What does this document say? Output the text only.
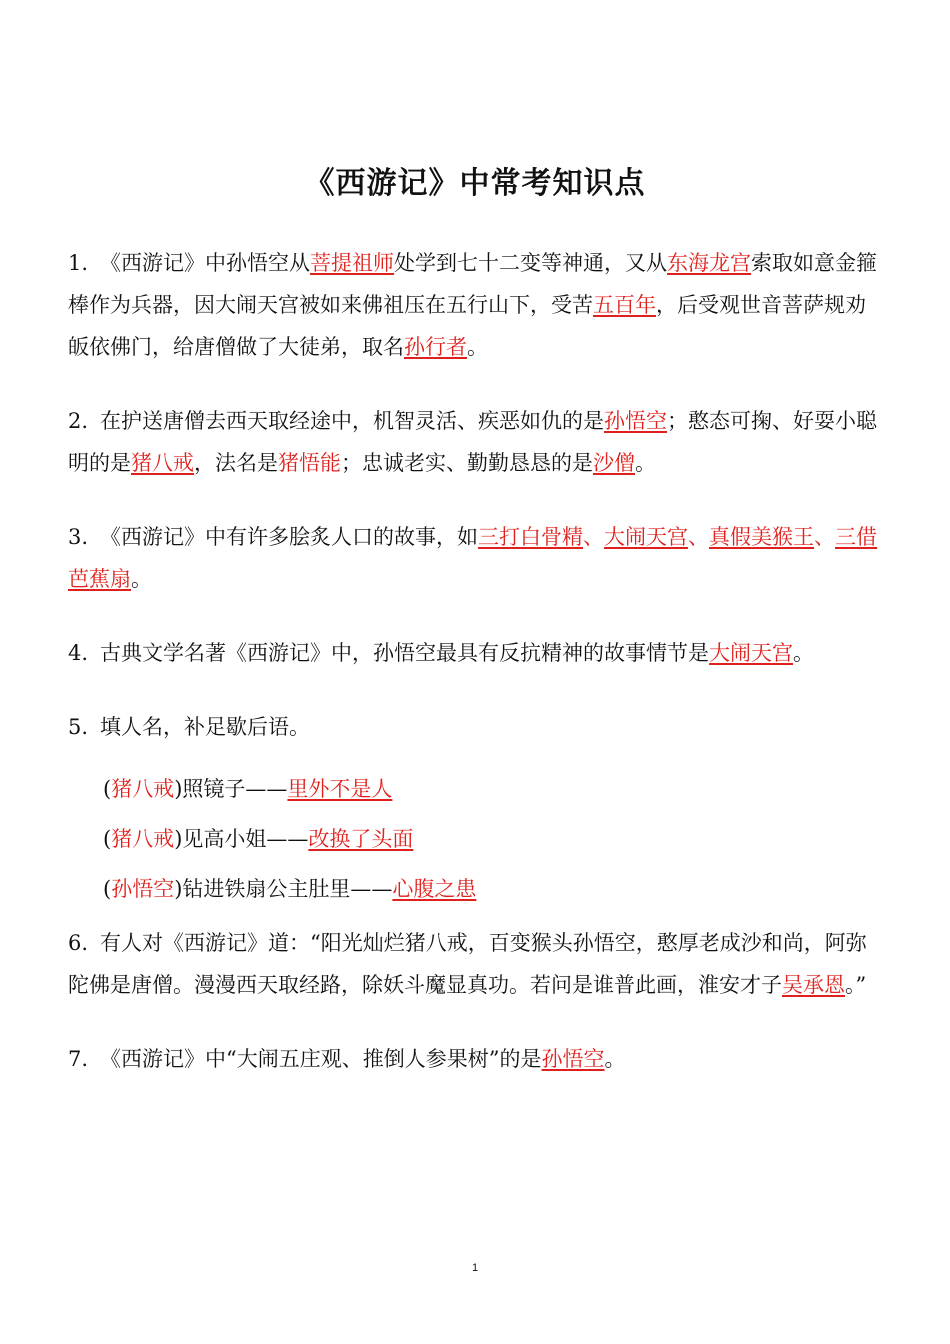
《西游记》中常考知识点

1. 《西游记》中孙悟空从菩提祖师处学到七十二变等神通，又从东海龙宫索取如意金箍棒作为兵器，因大闹天宫被如来佛祖压在五行山下，受苦五百年，后受观世音菩萨规劝皈依佛门，给唐僧做了大徒弟，取名孙行者。

2. 在护送唐僧去西天取经途中，机智灵活、疾恶如仇的是孙悟空；憨态可掬、好耍小聪明的是猪八戒，法名是猪悟能；忠诚老实、勤勤恳恳的是沙僧。

3. 《西游记》中有许多脍炙人口的故事，如三打白骨精、大闹天宫、真假美猴王、三借芭蕉扇。

4. 古典文学名著《西游记》中，孙悟空最具有反抗精神的故事情节是大闹天宫。

5. 填人名，补足歇后语。

(猪八戒)照镜子——里外不是人
(猪八戒)见高小姐——改换了头面
(孙悟空)钻进铁扇公主肚里——心腹之患

6. 有人对《西游记》道：“阳光灿烂猪八戒，百变猴头孙悟空，憨厚老成沙和尚，阿弥陀佛是唐僧。漫漫西天取经路，除妖斗魔显真功。若问是谁普此画，淮安才子吴承恩。”

7. 《西游记》中“大闹五庄观、推倒人参果树”的是孙悟空。

1
